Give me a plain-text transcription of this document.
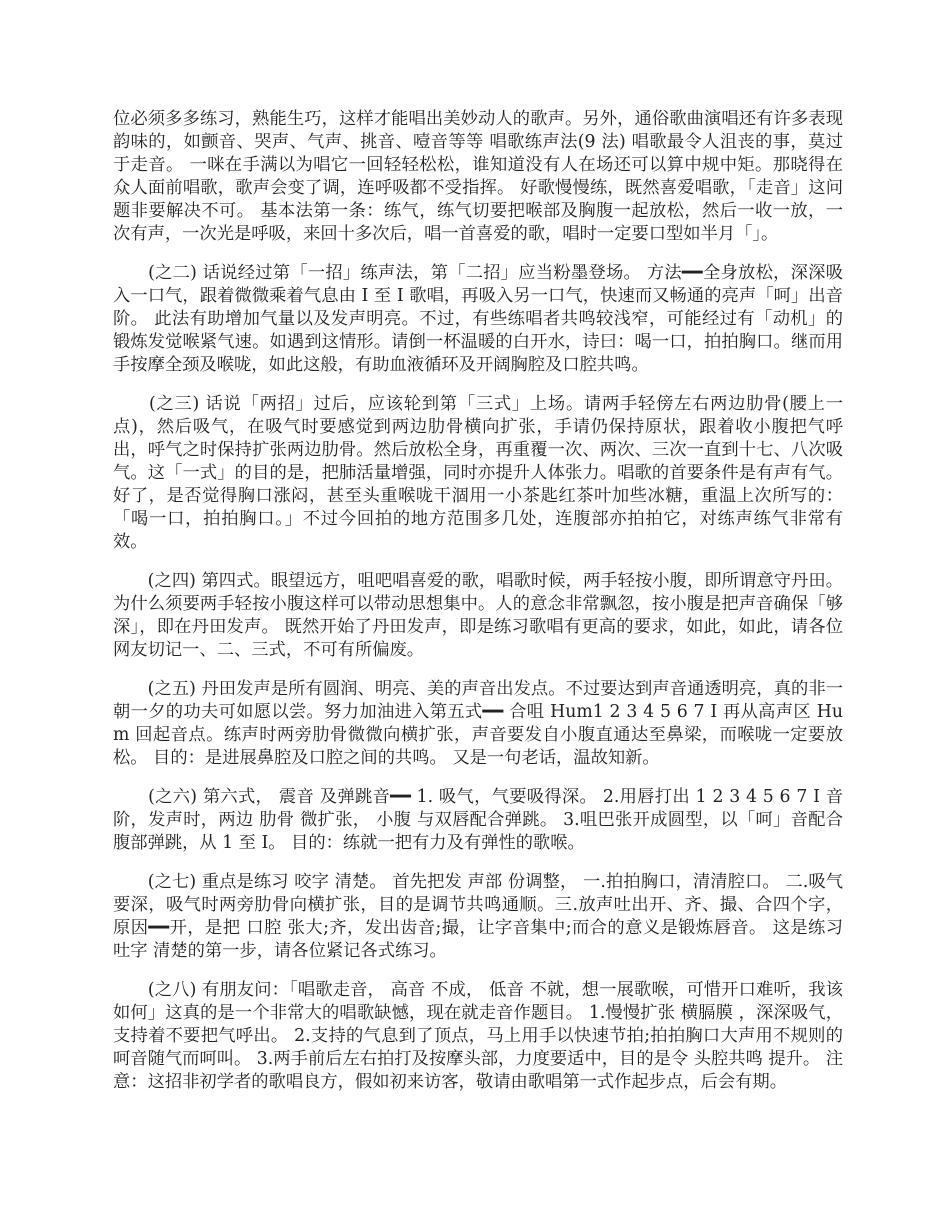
位必须多多练习，熟能生巧，这样才能唱出美妙动人的歌声。另外，通俗歌曲演唱还有许多表现韵味的，如颤音、哭声、气声、挑音、噎音等等 唱歌练声法(9 法) 唱歌最令人沮丧的事，莫过于走音。 一咪在手满以为唱它一回轻轻松松，谁知道没有人在场还可以算中规中矩。那晓得在众人面前唱歌，歌声会变了调，连呼吸都不受指挥。 好歌慢慢练，既然喜爱唱歌，「走音」这问题非要解决不可。 基本法第一条：练气，练气切要把喉部及胸腹一起放松，然后一收一放，一次有声，一次光是呼吸，来回十多次后，唱一首喜爱的歌，唱时一定要口型如半月「」。

　　(之二) 话说经过第「一招」练声法，第「二招」应当粉墨登场。 方法━━全身放松，深深吸入一口气，跟着微微乘着气息由 I 至 I 歌唱，再吸入另一口气，快速而又畅通的亮声「呵」出音阶。 此法有助增加气量以及发声明亮。不过，有些练唱者共鸣较浅窄，可能经过有「动机」的锻炼发觉喉紧气速。如遇到这情形。请倒一杯温暖的白开水，诗曰：喝一口，拍拍胸口。继而用手按摩全颈及喉咙，如此这般，有助血液循环及开阔胸腔及口腔共鸣。

　　(之三) 话说「两招」过后，应该轮到第「三式」上场。请两手轻傍左右两边肋骨(腰上一点)，然后吸气，在吸气时要感觉到两边肋骨横向扩张，手请仍保持原状，跟着收小腹把气呼出，呼气之时保持扩张两边肋骨。然后放松全身，再重覆一次、两次、三次一直到十七、八次吸气。这「一式」的目的是，把肺活量增强，同时亦提升人体张力。唱歌的首要条件是有声有气。好了，是否觉得胸口涨闷，甚至头重喉咙干涸用一小茶匙红茶叶加些冰糖，重温上次所写的：「喝一口，拍拍胸口。」不过今回拍的地方范围多几处，连腹部亦拍拍它，对练声练气非常有效。

　　(之四) 第四式。眼望远方，咀吧唱喜爱的歌，唱歌时候，两手轻按小腹，即所谓意守丹田。 为什么须要两手轻按小腹这样可以带动思想集中。人的意念非常飘忽，按小腹是把声音确保「够深」，即在丹田发声。 既然开始了丹田发声，即是练习歌唱有更高的要求，如此，如此，请各位网友切记一、二、三式，不可有所偏废。

　　(之五) 丹田发声是所有圆润、明亮、美的声音出发点。不过要达到声音通透明亮，真的非一朝一夕的功夫可如愿以尝。努力加油进入第五式━━ 合咀 Hum1 2 3 4 5 6 7 I 再从高声区 Hum 回起音点。练声时两旁肋骨微微向横扩张，声音要发自小腹直通达至鼻梁，而喉咙一定要放松。 目的：是进展鼻腔及口腔之间的共鸣。 又是一句老话，温故知新。

　　(之六) 第六式， 震音 及弹跳音━━ 1. 吸气，气要吸得深。 2.用唇打出 1 2 3 4 5 6 7 I 音阶，发声时，两边 肋骨 微扩张， 小腹 与双唇配合弹跳。 3.咀巴张开成圆型，以「呵」音配合腹部弹跳，从 1 至 I。 目的：练就一把有力及有弹性的歌喉。

　　(之七) 重点是练习 咬字 清楚。 首先把发 声部 份调整， 一.拍拍胸口，清清腔口。 二.吸气要深，吸气时两旁肋骨向横扩张，目的是调节共鸣通顺。三.放声吐出开、齐、撮、合四个字，原因━━开，是把 口腔 张大;齐，发出齿音;撮，让字音集中;而合的意义是锻炼唇音。 这是练习 吐字 清楚的第一步，请各位紧记各式练习。

　　(之八) 有朋友问：「唱歌走音， 高音 不成， 低音 不就，想一展歌喉，可惜开口难听，我该如何」这真的是一个非常大的唱歌缺憾，现在就走音作题目。 1.慢慢扩张 横膈膜 ，深深吸气，支持着不要把气呼出。 2.支持的气息到了顶点，马上用手以快速节拍;拍拍胸口大声用不规则的呵音随气而呵叫。 3.两手前后左右拍打及按摩头部，力度要适中，目的是令 头腔共鸣 提升。 注意：这招非初学者的歌唱良方，假如初来访客，敬请由歌唱第一式作起步点，后会有期。
